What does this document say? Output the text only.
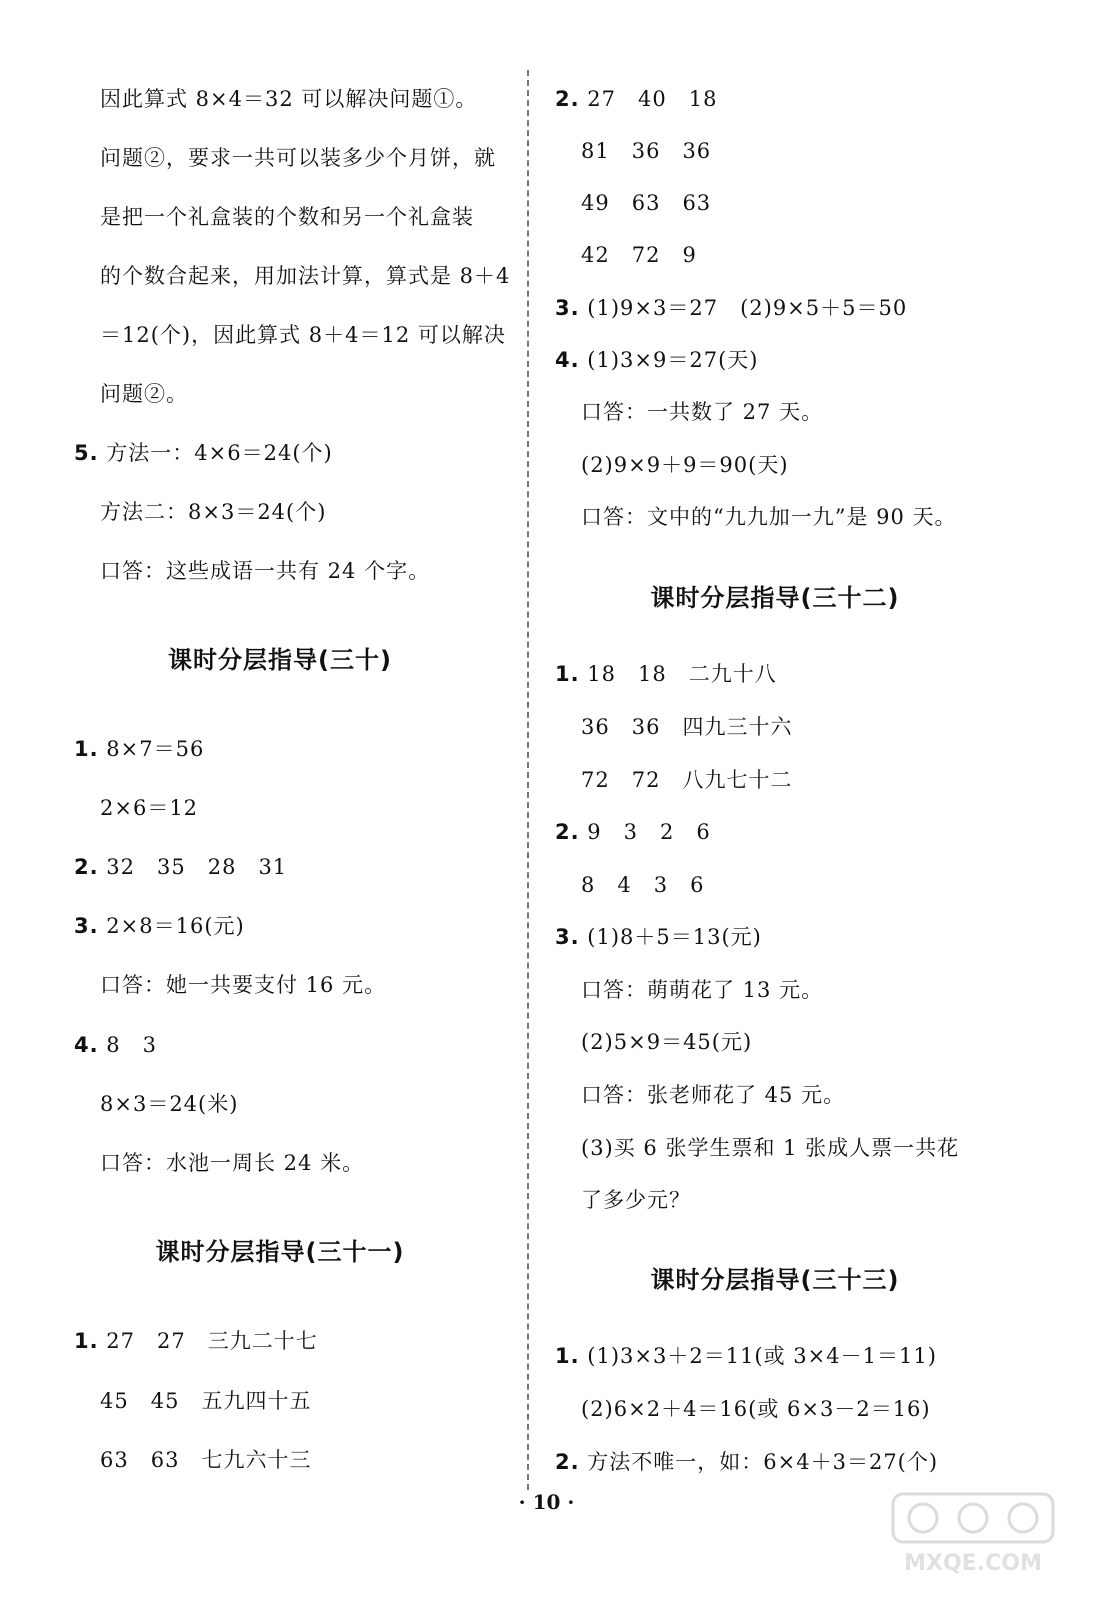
因此算式 8×4＝32 可以解决问题①。
问题②，要求一共可以装多少个月饼，就
是把一个礼盒装的个数和另一个礼盒装
的个数合起来，用加法计算，算式是 8＋4
＝12(个)，因此算式 8＋4＝12 可以解决
问题②。
5. 方法一：4×6＝24(个)
方法二：8×3＝24(个)
口答：这些成语一共有 24 个字。
课时分层指导(三十)
1. 8×7＝56
2×6＝12
2. 32　35　28　31
3. 2×8＝16(元)
口答：她一共要支付 16 元。
4. 8　3
8×3＝24(米)
口答：水池一周长 24 米。
课时分层指导(三十一)
1. 27　27　三九二十七
45　45　五九四十五
63　63　七九六十三
2. 27　40　18
81　36　36
49　63　63
42　72　9
3. (1)9×3＝27　(2)9×5＋5＝50
4. (1)3×9＝27(天)
口答：一共数了 27 天。
(2)9×9＋9＝90(天)
口答：文中的“九九加一九”是 90 天。
课时分层指导(三十二)
1. 18　18　二九十八
36　36　四九三十六
72　72　八九七十二
2. 9　3　2　6
8　4　3　6
3. (1)8＋5＝13(元)
口答：萌萌花了 13 元。
(2)5×9＝45(元)
口答：张老师花了 45 元。
(3)买 6 张学生票和 1 张成人票一共花
了多少元？
课时分层指导(三十三)
1. (1)3×3＋2＝11(或 3×4－1＝11)
(2)6×2＋4＝16(或 6×3－2＝16)
2. 方法不唯一，如：6×4＋3＝27(个)
· 10 ·
MXQE.COM
